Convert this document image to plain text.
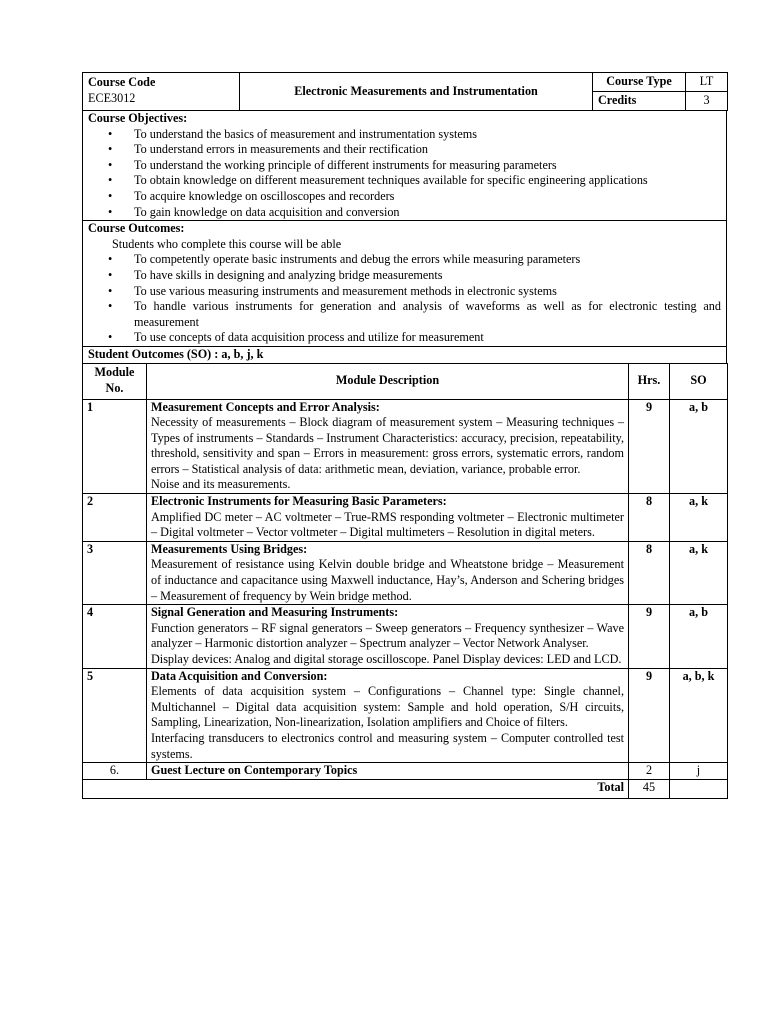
Course Code
ECE3012	Electronic Measurements and Instrumentation	Course Type	LT
		Credits	3
Course Objectives:
• To understand the basics of measurement and instrumentation systems
• To understand errors in measurements and their rectification
• To understand the working principle of different instruments for measuring parameters
• To obtain knowledge on different measurement techniques available for specific engineering applications
• To acquire knowledge on oscilloscopes and recorders
• To gain knowledge on data acquisition and conversion

Course Outcomes:
Students who complete this course will be able
• To competently operate basic instruments and debug the errors while measuring parameters
• To have skills in designing and analyzing bridge measurements
• To use various measuring instruments and measurement methods in electronic systems
• To handle various instruments for generation and analysis of waveforms as well as for electronic testing and measurement
• To use concepts of data acquisition process and utilize for measurement

Student Outcomes (SO) : a, b, j, k
Module No.	Module Description	Hrs.	SO
1	Measurement Concepts and Error Analysis:
Necessity of measurements – Block diagram of measurement system – Measuring techniques – Types of instruments – Standards – Instrument Characteristics: accuracy, precision, repeatability, threshold, sensitivity and span – Errors in measurement: gross errors, systematic errors, random errors – Statistical analysis of data: arithmetic mean, deviation, variance, probable error.
Noise and its measurements.	9	a, b
2	Electronic Instruments for Measuring Basic Parameters:
Amplified DC meter – AC voltmeter – True-RMS responding voltmeter – Electronic multimeter – Digital voltmeter – Vector voltmeter – Digital multimeters – Resolution in digital meters.	8	a, k
3	Measurements Using Bridges:
Measurement of resistance using Kelvin double bridge and Wheatstone bridge – Measurement of inductance and capacitance using Maxwell inductance, Hay’s, Anderson and Schering bridges – Measurement of frequency by Wein bridge method.	8	a, k
4	Signal Generation and Measuring Instruments:
Function generators – RF signal generators – Sweep generators – Frequency synthesizer – Wave analyzer – Harmonic distortion analyzer – Spectrum analyzer – Vector Network Analyser.
Display devices: Analog and digital storage oscilloscope. Panel Display devices: LED and LCD.	9	a, b
5	Data Acquisition and Conversion:
Elements of data acquisition system – Configurations – Channel type: Single channel, Multichannel – Digital data acquisition system: Sample and hold operation, S/H circuits, Sampling, Linearization, Non-linearization, Isolation amplifiers and Choice of filters.
Interfacing transducers to electronics control and measuring system – Computer controlled test systems.	9	a, b, k
6.	Guest Lecture on Contemporary Topics	2	j
Total		45	
